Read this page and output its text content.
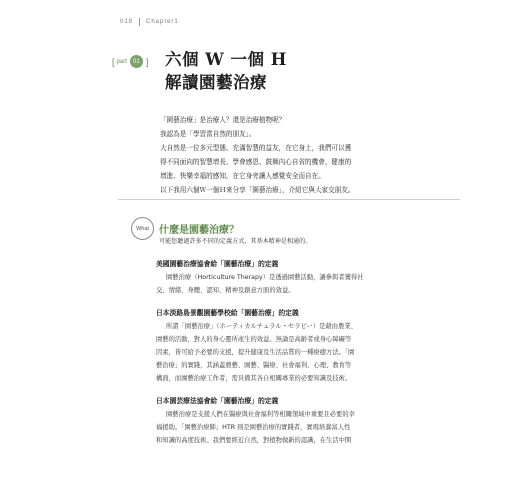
018 Chapter1
[ part	01 ] 六個 W 一個 H
解讀園藝治療

「園藝治療」是治療人？還是治療植物呢？

我認為是「學習當自然的朋友」。

大自然是一位多元型態、充滿智慧的益友，在它身上，我們可以獲

得不同面向的智慧增長、學會感恩、鼓舞內心自省的機會，健康的

增進、快樂幸福的感知，在它身旁讓人感覺安全而自在。

以下我用六個Ｗ一個Ｈ來分享「園藝治療」，介紹它與大家交朋友。

What	什麼是園藝治療？
可能您聽過許多不同的定義方式，其基本精神是相通的。

美國園藝治療協會給「園藝治療」的定義

園藝治療（Horticulture Therapy）是透過園藝活動，讓參與者獲得社

交、情緒、身體、認知、精神及創意方面的效益。

日本淡路島景觀園藝學校給「園藝治療」的定義

所謂「園藝治療」（ホーティカルチュラル・セラピー）是藉由農業、

園藝的活動，對人的身心靈所產生的效益。無論是高齡者或身心障礙等

因素，皆可給予必要的支援，提升健康及生活品質的一種療癒方法。「園

藝治療」的實踐，其涵蓋農藝、園藝、醫療、社會福利、心理、教育等

構面，而園藝治療工作者，需具備其各自相關專業的必要知識及技術。

日本園芸療法協會給「園藝治療」的定義

園藝治療是支援人們在醫療與社會福利等相關領域中重要且必要的幸

福援助。「園藝治療師」HTR 則是園藝治療的實踐者，實現培養富人性

和知識的高度技術。我們要經近自然，對植物做新的認識，在生活中開
